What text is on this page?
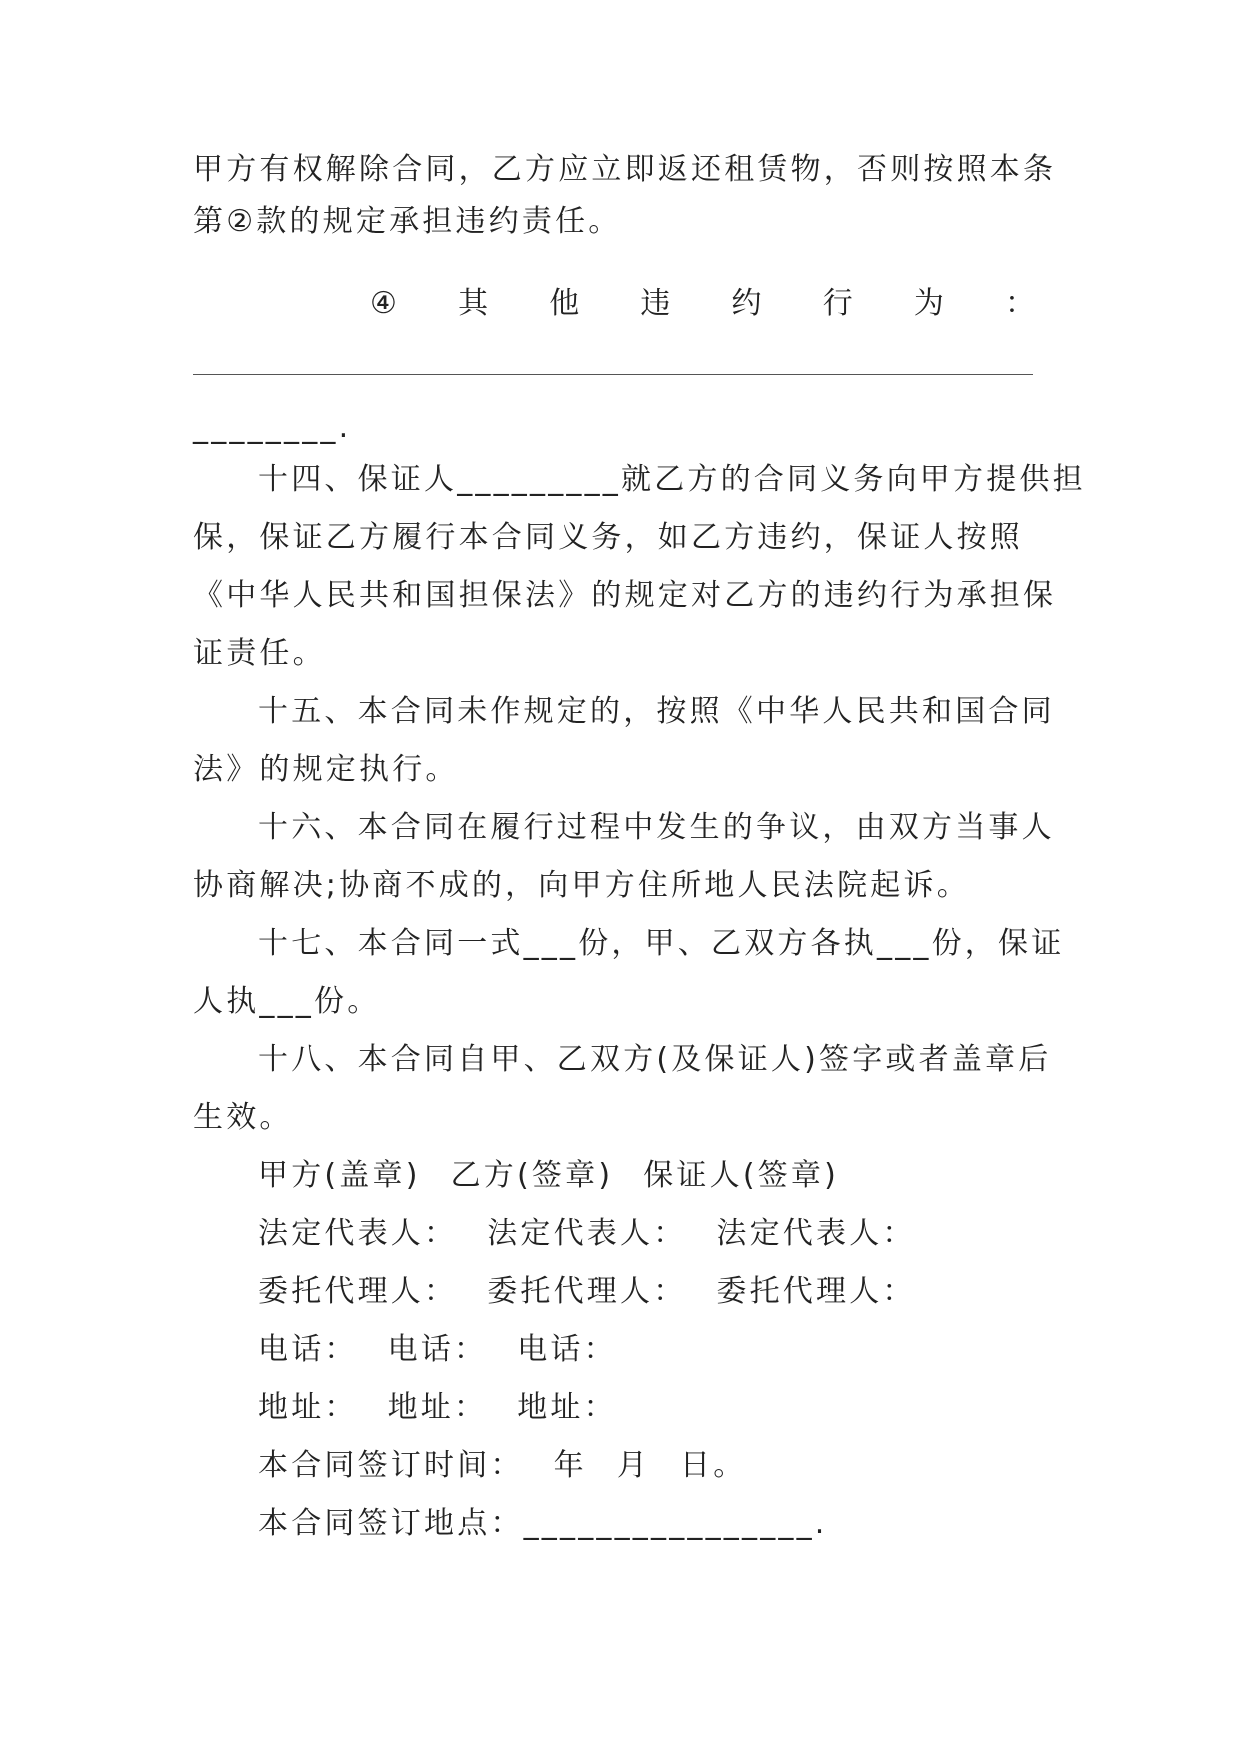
甲方有权解除合同，乙方应立即返还租赁物，否则按照本条
第②款的规定承担违约责任。
④ 其 他 违 约 行 为 ：
________.
十四、保证人_________就乙方的合同义务向甲方提供担
保，保证乙方履行本合同义务，如乙方违约，保证人按照
《中华人民共和国担保法》的规定对乙方的违约行为承担保
证责任。
十五、本合同未作规定的，按照《中华人民共和国合同
法》的规定执行。
十六、本合同在履行过程中发生的争议，由双方当事人
协商解决;协商不成的，向甲方住所地人民法院起诉。
十七、本合同一式___份，甲、乙双方各执___份，保证
人执___份。
十八、本合同自甲、乙双方(及保证人)签字或者盖章后
生效。
甲方(盖章) 乙方(签章) 保证人(签章)
法定代表人： 法定代表人： 法定代表人：
委托代理人： 委托代理人： 委托代理人：
电话： 电话： 电话：
地址： 地址： 地址：
本合同签订时间： 年 月 日。
本合同签订地点：________________.
